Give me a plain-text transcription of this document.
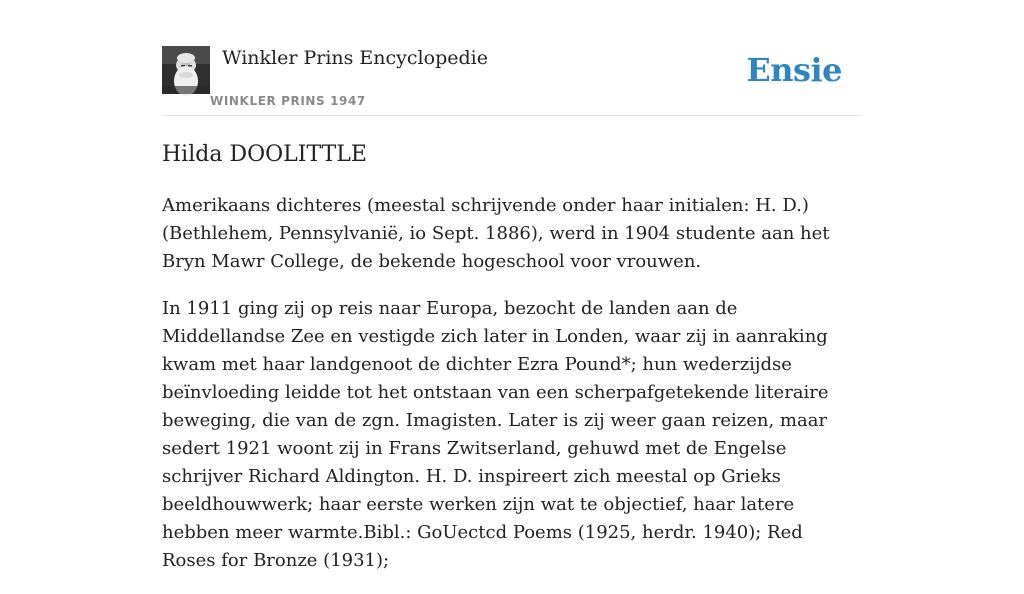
Winkler Prins Encyclopedie
WINKLER PRINS 1947
Ensie
Hilda DOOLITTLE

Amerikaans dichteres (meestal schrijvende onder haar initialen: H. D.) (Bethlehem, Pennsylvanië, io Sept. 1886), werd in 1904 studente aan het Bryn Mawr College, de bekende hogeschool voor vrouwen.

In 1911 ging zij op reis naar Europa, bezocht de landen aan de Middellandse Zee en vestigde zich later in Londen, waar zij in aanraking kwam met haar landgenoot de dichter Ezra Pound*; hun wederzijdse beïnvloeding leidde tot het ontstaan van een scherpafgetekende literaire beweging, die van de zgn. Imagisten. Later is zij weer gaan reizen, maar sedert 1921 woont zij in Frans Zwitserland, gehuwd met de Engelse schrijver Richard Aldington. H. D. inspireert zich meestal op Grieks beeldhouwwerk; haar eerste werken zijn wat te objectief, haar latere hebben meer warmte.Bibl.: GoUectcd Poems (1925, herdr. 1940); Red Roses for Bronze (1931);
